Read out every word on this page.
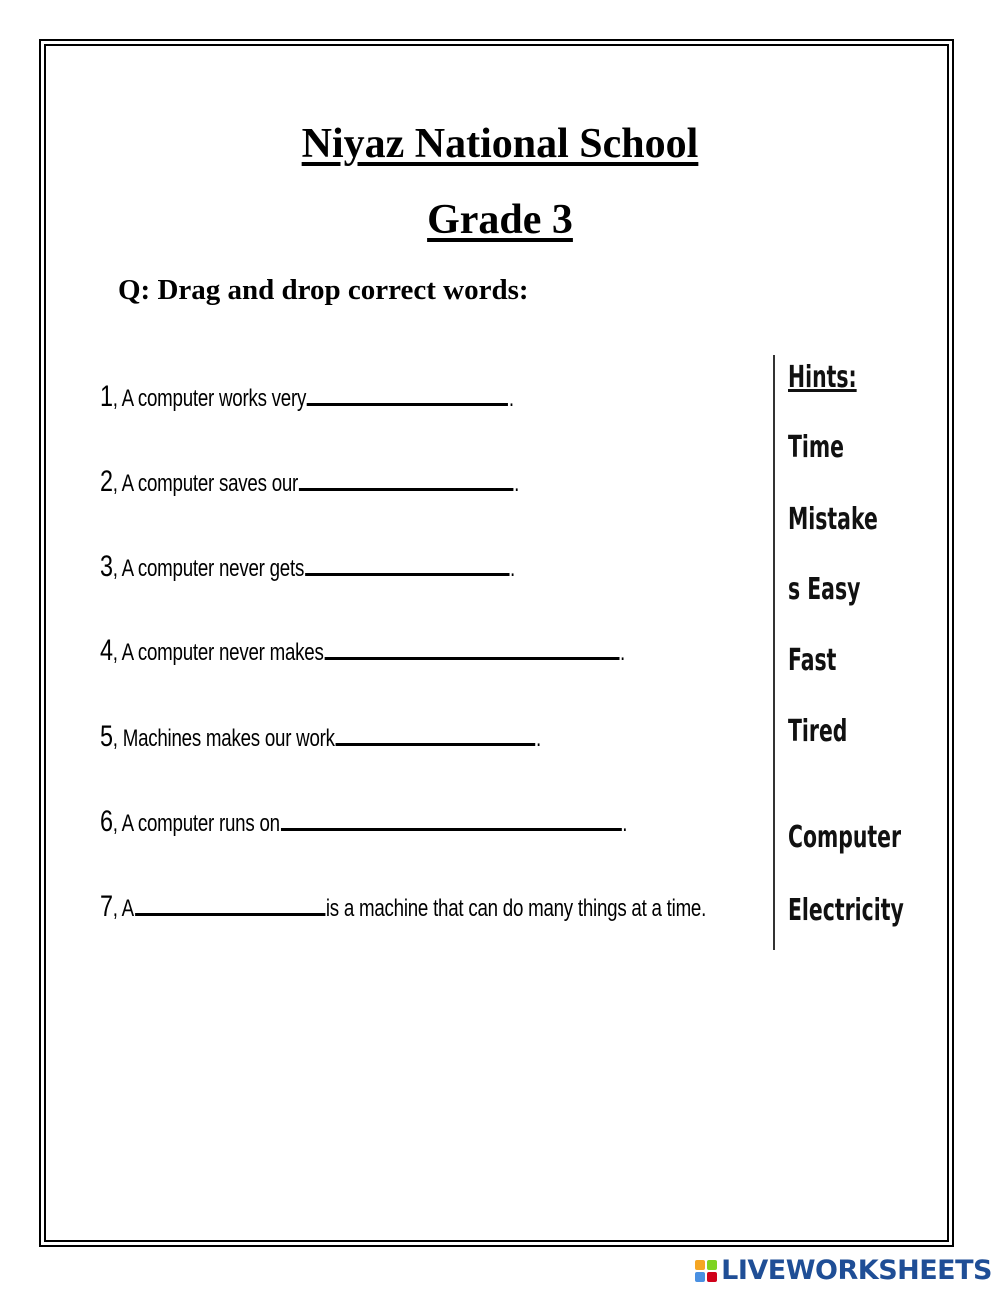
Niyaz National School
Grade 3
Q: Drag and drop correct words:
1, A computer works very	.
2, A computer saves our	.
3, A computer never gets	.
4, A computer never makes	.
5, Machines makes our work	.
6, A computer runs on	.
7, A	is a machine that can do many things at a time.
Hints:
Time
Mistake
s Easy
Fast
Tired
Computer
Electricity
LIVEWORKSHEETS
